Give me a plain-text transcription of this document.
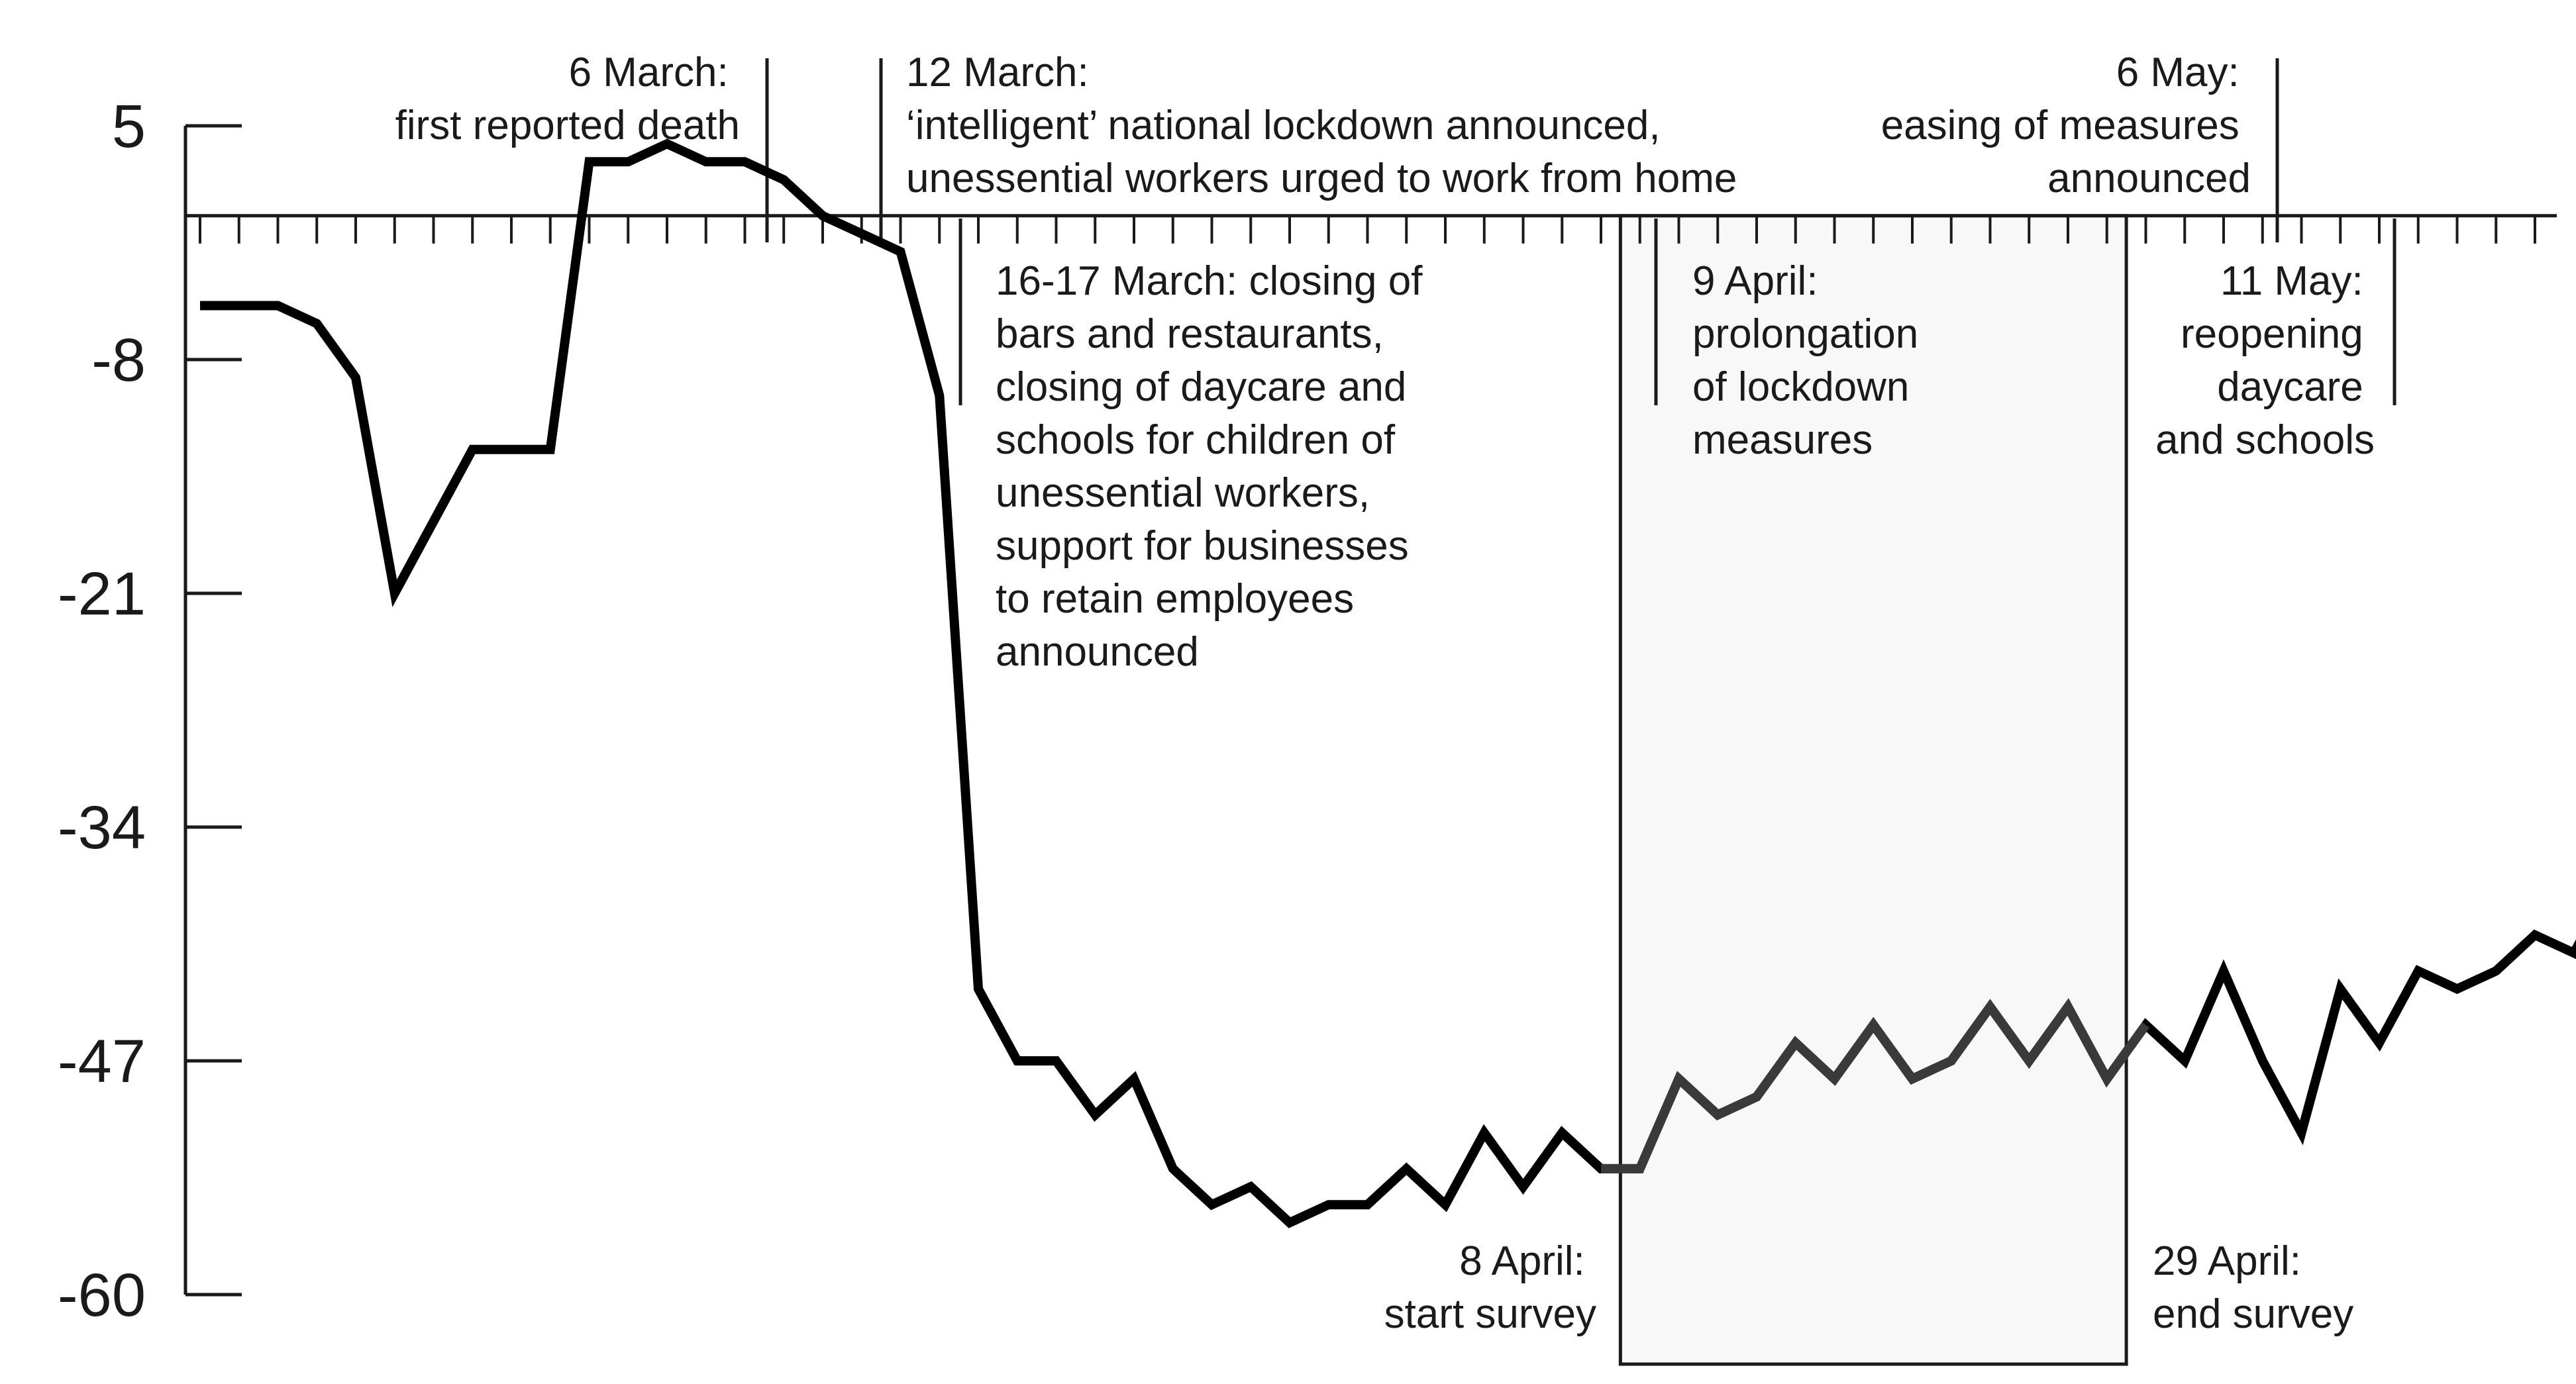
5
-8
-21
-34
-47
-60
6 March: first reported death
12 March: ‘intelligent’ national lockdown announced, unessential workers urged to work from home
16-17 March: closing of bars and restaurants, closing of daycare and schools for children of unessential workers, support for businesses to retain employees announced
9 April: prolongation of lockdown measures
6 May: easing of measures announced
11 May: reopening daycare and schools
8 April: start survey
29 April: end survey
